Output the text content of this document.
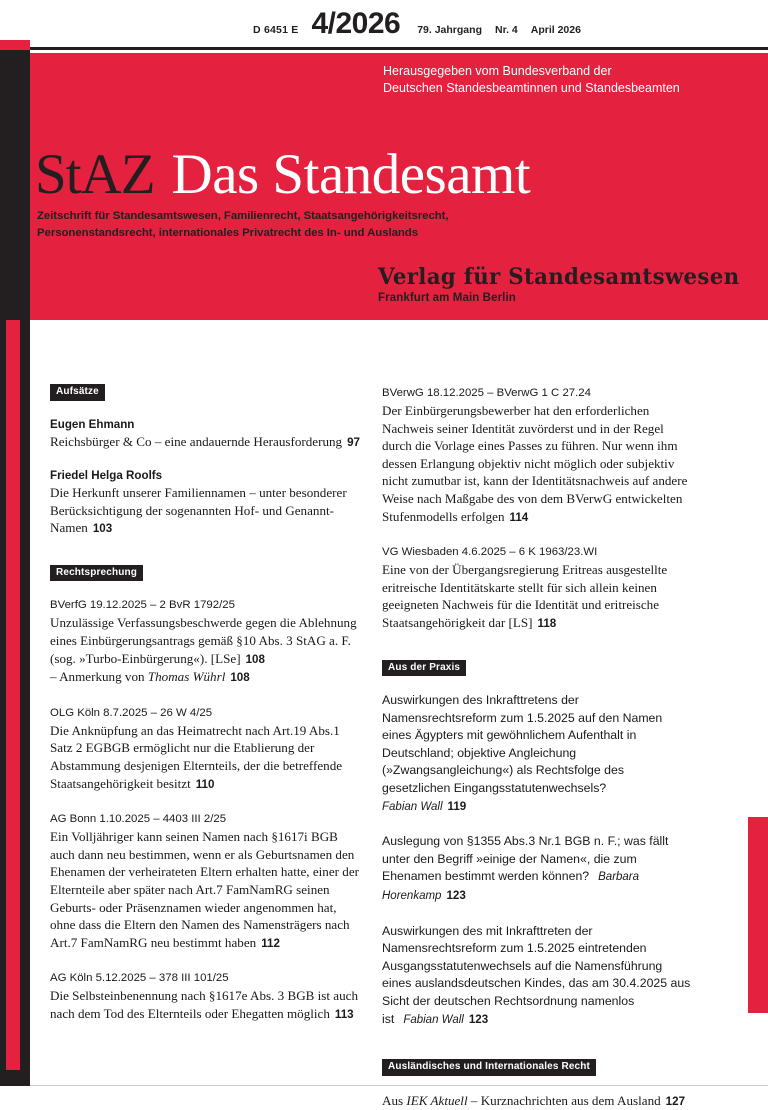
D 6451 E 4/2026 79. Jahrgang Nr. 4 April 2026
Herausgegeben vom Bundesverband der
Deutschen Standesbeamtinnen und Standesbeamten
StAZ Das Standesamt
Zeitschrift für Standesamtswesen, Familienrecht, Staatsangehörigkeitsrecht,
Personenstandsrecht, internationales Privatrecht des In- und Auslands
Verlag für Standesamtswesen
Frankfurt am Main Berlin
Aufsätze
Eugen Ehmann
Reichsbürger & Co – eine andauernde Herausforderung 97
Friedel Helga Roolfs
Die Herkunft unserer Familiennamen – unter besonderer Berücksichtigung der sogenannten Hof- und Genannt-Namen 103
Rechtsprechung
BVerfG 19.12.2025 – 2 BvR 1792/25
Unzulässige Verfassungsbeschwerde gegen die Ablehnung eines Einbürgerungsantrags gemäß §10 Abs. 3 StAG a. F. (sog. »Turbo-Einbürgerung«). [LSe] 108
– Anmerkung von Thomas Wührl 108
OLG Köln 8.7.2025 – 26 W 4/25
Die Anknüpfung an das Heimatrecht nach Art.19 Abs.1 Satz 2 EGBGB ermöglicht nur die Etablierung der Abstammung desjenigen Elternteils, der die betreffende Staatsangehörigkeit besitzt 110
AG Bonn 1.10.2025 – 4403 III 2/25
Ein Volljähriger kann seinen Namen nach §1617i BGB auch dann neu bestimmen, wenn er als Geburtsnamen den Ehenamen der verheirateten Eltern erhalten hatte, einer der Elternteile aber später nach Art.7 FamNamRG seinen Geburts- oder Präsenznamen wieder angenommen hat, ohne dass die Eltern den Namen des Namensträgers nach Art.7 FamNamRG neu bestimmt haben 112
AG Köln 5.12.2025 – 378 III 101/25
Die Selbsteinbenennung nach §1617e Abs. 3 BGB ist auch nach dem Tod des Elternteils oder Ehegatten möglich 113
BVerwG 18.12.2025 – BVerwG 1 C 27.24
Der Einbürgerungsbewerber hat den erforderlichen Nachweis seiner Identität zuvörderst und in der Regel durch die Vorlage eines Passes zu führen. Nur wenn ihm dessen Erlangung objektiv nicht möglich oder subjektiv nicht zumutbar ist, kann der Identitätsnachweis auf andere Weise nach Maßgabe des von dem BVerwG entwickelten Stufenmodells erfolgen 114
VG Wiesbaden 4.6.2025 – 6 K 1963/23.WI
Eine von der Übergangsregierung Eritreas ausgestellte eritreische Identitätskarte stellt für sich allein keinen geeigneten Nachweis für die Identität und eritreische Staatsangehörigkeit dar [LS] 118
Aus der Praxis
Auswirkungen des Inkrafttretens der Namensrechtsreform zum 1.5.2025 auf den Namen eines Ägypters mit gewöhnlichem Aufenthalt in Deutschland; objektive Angleichung (»Zwangsangleichung«) als Rechtsfolge des gesetzlichen Eingangsstatutenwechsels?
Fabian Wall 119
Auslegung von §1355 Abs.3 Nr.1 BGB n. F.; was fällt unter den Begriff »einige der Namen«, die zum Ehenamen bestimmt werden können? Barbara Horenkamp 123
Auswirkungen des mit Inkrafttreten der Namensrechtsreform zum 1.5.2025 eintretenden Ausgangsstatutenwechsels auf die Namensführung eines auslandsdeutschen Kindes, das am 30.4.2025 aus Sicht der deutschen Rechtsordnung namenlos ist Fabian Wall 123
Ausländisches und Internationales Recht
Aus IEK Aktuell – Kurznachrichten aus dem Ausland 127
